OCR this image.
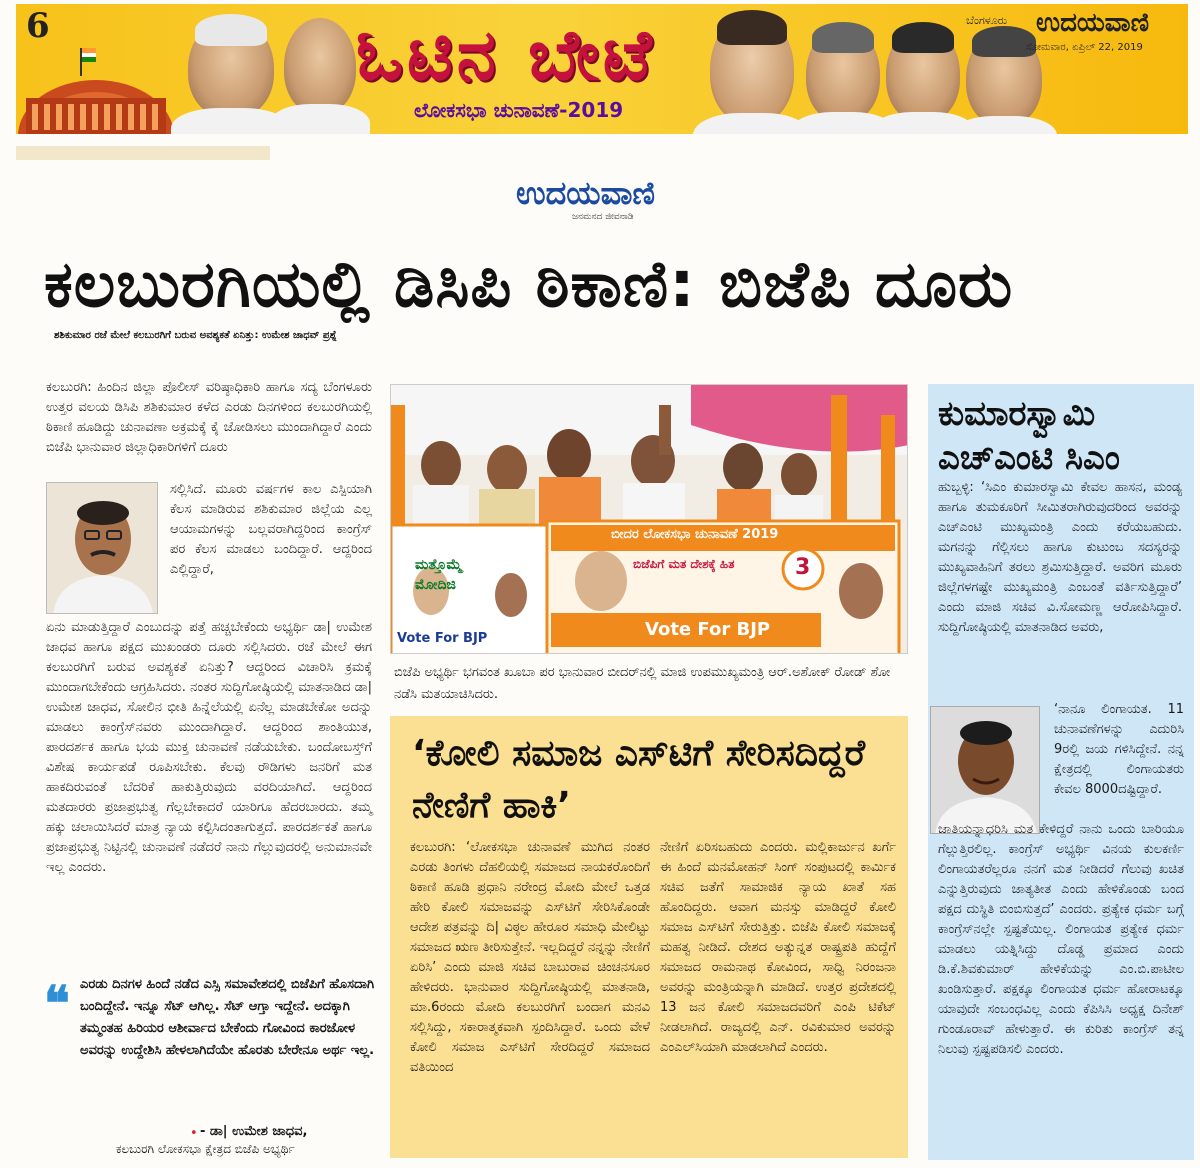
6	ಓಟಿನ ಬೇಟೆ
ಲೋಕಸಭಾ ಚುನಾವಣೆ-2019
ಬೆಂಗಳೂರು ಉದಯವಾಣಿ
ಸೋಮವಾರ, ಏಪ್ರಿಲ್ 22, 2019
ಉದಯವಾಣಿ
ಜನಮನದ ಜೀವನಾಡಿ
ಕಲಬುರಗಿಯಲ್ಲಿ ಡಿಸಿಪಿ ಠಿಕಾಣಿ: ಬಿಜೆಪಿ ದೂರು
ಶಶಿಕುಮಾರ ರಜೆ ಮೇಲೆ ಕಲಬುರಗಿಗೆ ಬರುವ ಅವಶ್ಯಕತೆ ಏನಿತ್ತು: ಉಮೇಶ ಜಾಧವ್ ಪ್ರಶ್ನೆ
ಕಲಬುರಗಿ: ಹಿಂದಿನ ಜಿಲ್ಲಾ ಪೊಲೀಸ್ ವರಿಷ್ಠಾಧಿಕಾರಿ ಹಾಗೂ ಸದ್ಯ ಬೆಂಗಳೂರು ಉತ್ತರ ವಲಯ ಡಿಸಿಪಿ ಶಶಿಕುಮಾರ ಕಳೆದ ಎರಡು ದಿನಗಳಿಂದ ಕಲಬುರಗಿಯಲ್ಲಿ ಠಿಕಾಣಿ ಹೂಡಿದ್ದು ಚುನಾವಣಾ ಅಕ್ರಮಕ್ಕೆ ಕೈ ಜೋಡಿಸಲು ಮುಂದಾಗಿದ್ದಾರೆ ಎಂದು ಬಿಜೆಪಿ ಭಾನುವಾರ ಜಿಲ್ಲಾಧಿಕಾರಿಗಳಿಗೆ ದೂರು
ಸಲ್ಲಿಸಿದೆ. ಮೂರು ವರ್ಷಗಳ ಕಾಲ ಎಸ್ಪಿಯಾಗಿ ಕೆಲಸ ಮಾಡಿರುವ ಶಶಿಕುಮಾರ ಜಿಲ್ಲೆಯ ಎಲ್ಲ ಆಯಾಮಗಳನ್ನು ಬಲ್ಲವರಾಗಿದ್ದರಿಂದ ಕಾಂಗ್ರೆಸ್ ಪರ ಕೆಲಸ ಮಾಡಲು ಬಂದಿದ್ದಾರೆ. ಆದ್ದರಿಂದ ಎಲ್ಲಿದ್ದಾರೆ,
ಏನು ಮಾಡುತ್ತಿದ್ದಾರೆ ಎಂಬುದನ್ನು ಪತ್ತೆ ಹಚ್ಚಬೇಕೆಂದು ಅಭ್ಯರ್ಥಿ ಡಾ| ಉಮೇಶ ಜಾಧವ ಹಾಗೂ ಪಕ್ಷದ ಮುಖಂಡರು ದೂರು ಸಲ್ಲಿಸಿದರು. ರಜೆ ಮೇಲೆ ಈಗ ಕಲಬುರಗಿಗೆ ಬರುವ ಅವಶ್ಯಕತೆ ಏನಿತ್ತು? ಆದ್ದರಿಂದ ವಿಚಾರಿಸಿ ಕ್ರಮಕ್ಕೆ ಮುಂದಾಗಬೇಕೆಂದು ಆಗ್ರಹಿಸಿದರು. ನಂತರ ಸುದ್ದಿಗೋಷ್ಠಿಯಲ್ಲಿ ಮಾತನಾಡಿದ ಡಾ| ಉಮೇಶ ಜಾಧವ, ಸೋಲಿನ ಭೀತಿ ಹಿನ್ನೆಲೆಯಲ್ಲಿ ಏನೆಲ್ಲ ಮಾಡಬೇಕೋ ಅದನ್ನು ಮಾಡಲು ಕಾಂಗ್ರೆಸ್‌ನವರು ಮುಂದಾಗಿದ್ದಾರೆ. ಆದ್ದರಿಂದ ಶಾಂತಿಯುತ, ಪಾರದರ್ಶಕ ಹಾಗೂ ಭಯ ಮುಕ್ತ ಚುನಾವಣೆ ನಡೆಯಬೇಕು. ಬಂದೋಬಸ್ತ್‌ಗೆ ವಿಶೇಷ ಕಾರ್ಯಪಡೆ ರೂಪಿಸಬೇಕು. ಕೆಲವು ರೌಡಿಗಳು ಜನರಿಗೆ ಮತ ಹಾಕದಿರುವಂತೆ ಬೆದರಿಕೆ ಹಾಕುತ್ತಿರುವುದು ವರದಿಯಾಗಿದೆ. ಆದ್ದರಿಂದ ಮತದಾರರು ಪ್ರಜಾಪ್ರಭುತ್ವ ಗೆಲ್ಲಬೇಕಾದರೆ ಯಾರಿಗೂ ಹೆದರಬಾರದು. ತಮ್ಮ ಹಕ್ಕು ಚಲಾಯಿಸಿದರೆ ಮಾತ್ರ ನ್ಯಾಯ ಕಲ್ಪಿಸಿದಂತಾಗುತ್ತದೆ. ಪಾರದರ್ಶಕತೆ ಹಾಗೂ ಪ್ರಜಾಪ್ರಭುತ್ವ ನಿಟ್ಟಿನಲ್ಲಿ ಚುನಾವಣೆ ನಡೆದರೆ ನಾನು ಗೆಲ್ಲುವುದರಲ್ಲಿ ಅನುಮಾನವೇ ಇಲ್ಲ ಎಂದರು.
❝ ಎರಡು ದಿನಗಳ ಹಿಂದೆ ನಡೆದ ಎಸ್ಸಿ ಸಮಾವೇಶದಲ್ಲಿ ಬಿಜೆಪಿಗೆ ಹೊಸದಾಗಿ ಬಂದಿದ್ದೇನೆ. ಇನ್ನೂ ಸೆಟ್ ಆಗಿಲ್ಲ. ಸೆಟ್ ಆಗ್ತಾ ಇದ್ದೇನೆ. ಅದಕ್ಕಾಗಿ ತಮ್ಮಂತಹ ಹಿರಿಯರ ಆಶೀರ್ವಾದ ಬೇಕೆಂದು ಗೋವಿಂದ ಕಾರಜೋಳ ಅವರನ್ನು ಉದ್ದೇಶಿಸಿ ಹೇಳಲಾಗಿದೆಯೇ ಹೊರತು ಬೇರೇನೂ ಅರ್ಥ ಇಲ್ಲ.
• - ಡಾ| ಉಮೇಶ ಜಾಧವ,
ಕಲಬುರಗಿ ಲೋಕಸಭಾ ಕ್ಷೇತ್ರದ ಬಿಜೆಪಿ ಅಭ್ಯರ್ಥಿ
ಬೀದರ ಲೋಕಸಭಾ ಚುನಾವಣೆ 2019
ಬಿಜೆಪಿಗೆ ಮತ ದೇಶಕ್ಕೆ ಹಿತ
ಮತ್ತೊಮ್ಮೆ ಮೋದಿಜಿ
3
Vote For BJP
Vote For BJP
ಬಿಜೆಪಿ ಅಭ್ಯರ್ಥಿ ಭಗವಂತ ಖೂಬಾ ಪರ ಭಾನುವಾರ ಬೀದರ್‌ನಲ್ಲಿ ಮಾಜಿ ಉಪಮುಖ್ಯಮಂತ್ರಿ ಆರ್.ಅಶೋಕ್ ರೋಡ್ ಶೋ ನಡೆಸಿ ಮತಯಾಚಿಸಿದರು.
‘ಕೋಲಿ ಸಮಾಜ ಎಸ್‌ಟಿಗೆ ಸೇರಿಸದಿದ್ದರೆ ನೇಣಿಗೆ ಹಾಕಿ’
ಕಲಬುರಗಿ: ‘ಲೋಕಸಭಾ ಚುನಾವಣೆ ಮುಗಿದ ನಂತರ ಎರಡು ತಿಂಗಳು ದೆಹಲಿಯಲ್ಲಿ ಸಮಾಜದ ನಾಯಕರೊಂದಿಗೆ ಠಿಕಾಣಿ ಹೂಡಿ ಪ್ರಧಾನಿ ನರೇಂದ್ರ ಮೋದಿ ಮೇಲೆ ಒತ್ತಡ ಹೇರಿ ಕೋಲಿ ಸಮಾಜವನ್ನು ಎಸ್‌ಟಿಗೆ ಸೇರಿಸಿಕೊಂಡೇ ಆದೇಶ ಪತ್ರವನ್ನು ದಿ| ವಿಠ್ಠಲ ಹೇರೂರ ಸಮಾಧಿ ಮೇಲಿಟ್ಟು ಸಮಾಜದ ಋಣ ತೀರಿಸುತ್ತೇನೆ. ಇಲ್ಲದಿದ್ದರೆ ನನ್ನನ್ನು ನೇಣಿಗೆ ಏರಿಸಿ’ ಎಂದು ಮಾಜಿ ಸಚಿವ ಬಾಬುರಾವ ಚಿಂಚನಸೂರ ಹೇಳಿದರು. ಭಾನುವಾರ ಸುದ್ದಿಗೋಷ್ಠಿಯಲ್ಲಿ ಮಾತನಾಡಿ, ಮಾ.6ರಂದು ಮೋದಿ ಕಲಬುರಗಿಗೆ ಬಂದಾಗ ಮನವಿ ಸಲ್ಲಿಸಿದ್ದು, ಸಕಾರಾತ್ಮಕವಾಗಿ ಸ್ಪಂದಿಸಿದ್ದಾರೆ. ಒಂದು ವೇಳೆ ಕೋಲಿ ಸಮಾಜ ಎಸ್‌ಟಿಗೆ ಸೇರದಿದ್ದರೆ ಸಮಾಜದ ವತಿಯಿಂದ
ನೇಣಿಗೆ ಏರಿಸಬಹುದು ಎಂದರು. ಮಲ್ಲಿಕಾರ್ಜುನ ಖರ್ಗೆ ಈ ಹಿಂದೆ ಮನಮೋಹನ್ ಸಿಂಗ್ ಸಂಪುಟದಲ್ಲಿ ಕಾರ್ಮಿಕ ಸಚಿವ ಜತೆಗೆ ಸಾಮಾಜಿಕ ನ್ಯಾಯ ಖಾತೆ ಸಹ ಹೊಂದಿದ್ದರು. ಆವಾಗ ಮನಸ್ಸು ಮಾಡಿದ್ದರೆ ಕೋಲಿ ಸಮಾಜ ಎಸ್‌ಟಿಗೆ ಸೇರುತ್ತಿತ್ತು. ಬಿಜೆಪಿ ಕೋಲಿ ಸಮಾಜಕ್ಕೆ ಮಹತ್ವ ನೀಡಿದೆ. ದೇಶದ ಅತ್ಯುನ್ನತ ರಾಷ್ಟ್ರಪತಿ ಹುದ್ದೆಗೆ ಸಮಾಜದ ರಾಮನಾಥ ಕೋವಿಂದ, ಸಾಧ್ವಿ ನಿರಂಜನಾ ಅವರನ್ನು ಮಂತ್ರಿಯನ್ನಾಗಿ ಮಾಡಿದೆ. ಉತ್ತರ ಪ್ರದೇಶದಲ್ಲಿ 13 ಜನ ಕೋಲಿ ಸಮಾಜದವರಿಗೆ ಎಂಪಿ ಟಿಕೆಟ್ ನೀಡಲಾಗಿದೆ. ರಾಜ್ಯದಲ್ಲಿ ಎನ್. ರವಿಕುಮಾರ ಅವರನ್ನು ಎಂಎಲ್‌ಸಿಯಾಗಿ ಮಾಡಲಾಗಿದೆ ಎಂದರು.
ಕುಮಾರಸ್ವಾಮಿ ಎಚ್‌ಎಂಟಿ ಸಿಎಂ
ಹುಬ್ಬಳ್ಳಿ: ‘ಸಿಎಂ ಕುಮಾರಸ್ವಾಮಿ ಕೇವಲ ಹಾಸನ, ಮಂಡ್ಯ ಹಾಗೂ ತುಮಕೂರಿಗೆ ಸೀಮಿತರಾಗಿರುವುದರಿಂದ ಅವರನ್ನು ಎಚ್‌ಎಂಟಿ ಮುಖ್ಯಮಂತ್ರಿ ಎಂದು ಕರೆಯಬಹುದು. ಮಗನನ್ನು ಗೆಲ್ಲಿಸಲು ಹಾಗೂ ಕುಟುಂಬ ಸದಸ್ಯರನ್ನು ಮುಖ್ಯವಾಹಿನಿಗೆ ತರಲು ಶ್ರಮಿಸುತ್ತಿದ್ದಾರೆ. ಅವರಿಗ ಮೂರು ಜಿಲ್ಲೆಗಳಗಷ್ಟೇ ಮುಖ್ಯಮಂತ್ರಿ ಎಂಬಂತೆ ವರ್ತಿಸುತ್ತಿದ್ದಾರೆ’ ಎಂದು ಮಾಜಿ ಸಚಿವ ವಿ.ಸೋಮಣ್ಣ ಆರೋಪಿಸಿದ್ದಾರೆ. ಸುದ್ದಿಗೋಷ್ಠಿಯಲ್ಲಿ ಮಾತನಾಡಿದ ಅವರು,
‘ನಾನೂ ಲಿಂಗಾಯತ. 11 ಚುನಾವಣೆಗಳನ್ನು ಎದುರಿಸಿ 9ರಲ್ಲಿ ಜಯ ಗಳಿಸಿದ್ದೇನೆ. ನನ್ನ ಕ್ಷೇತ್ರದಲ್ಲಿ ಲಿಂಗಾಯತರು ಕೇವಲ 8000ದಷ್ಟಿದ್ದಾರೆ.
ಜಾತಿಯನ್ನಾಧರಿಸಿ ಮತ ಕೇಳಿದ್ದರೆ ನಾನು ಒಂದು ಬಾರಿಯೂ ಗೆಲ್ಲುತ್ತಿರಲಿಲ್ಲ. ಕಾಂಗ್ರೆಸ್ ಅಭ್ಯರ್ಥಿ ವಿನಯ ಕುಲಕರ್ಣಿ ಲಿಂಗಾಯತರೆಲ್ಲರೂ ನನಗೆ ಮತ ನೀಡಿದರೆ ಗೆಲುವು ಖಚಿತ ಎನ್ನುತ್ತಿರುವುದು ಜಾತ್ಯತೀತ ಎಂದು ಹೇಳಿಕೊಂಡು ಬಂದ ಪಕ್ಷದ ದುಸ್ಥಿತಿ ಬಿಂಬಿಸುತ್ತದೆ’ ಎಂದರು. ಪ್ರತ್ಯೇಕ ಧರ್ಮ ಬಗ್ಗೆ ಕಾಂಗ್ರೆಸ್‌ನಲ್ಲೇ ಸ್ಪಷ್ಟತೆಯಿಲ್ಲ. ಲಿಂಗಾಯತ ಪ್ರತ್ಯೇಕ ಧರ್ಮ ಮಾಡಲು ಯತ್ನಿಸಿದ್ದು ದೊಡ್ಡ ಪ್ರಮಾದ ಎಂದು ಡಿ.ಕೆ.ಶಿವಕುಮಾರ್ ಹೇಳಿಕೆಯನ್ನು ಎಂ.ಬಿ.ಪಾಟೀಲ ಖಂಡಿಸುತ್ತಾರೆ. ಪಕ್ಷಕ್ಕೂ ಲಿಂಗಾಯತ ಧರ್ಮ ಹೋರಾಟಕ್ಕೂ ಯಾವುದೇ ಸಂಬಂಧವಿಲ್ಲ ಎಂದು ಕೆಪಿಸಿಸಿ ಅಧ್ಯಕ್ಷ ದಿನೇಶ್ ಗುಂಡೂರಾವ್ ಹೇಳುತ್ತಾರೆ. ಈ ಕುರಿತು ಕಾಂಗ್ರೆಸ್ ತನ್ನ ನಿಲುವು ಸ್ಪಷ್ಟಪಡಿಸಲಿ ಎಂದರು.
